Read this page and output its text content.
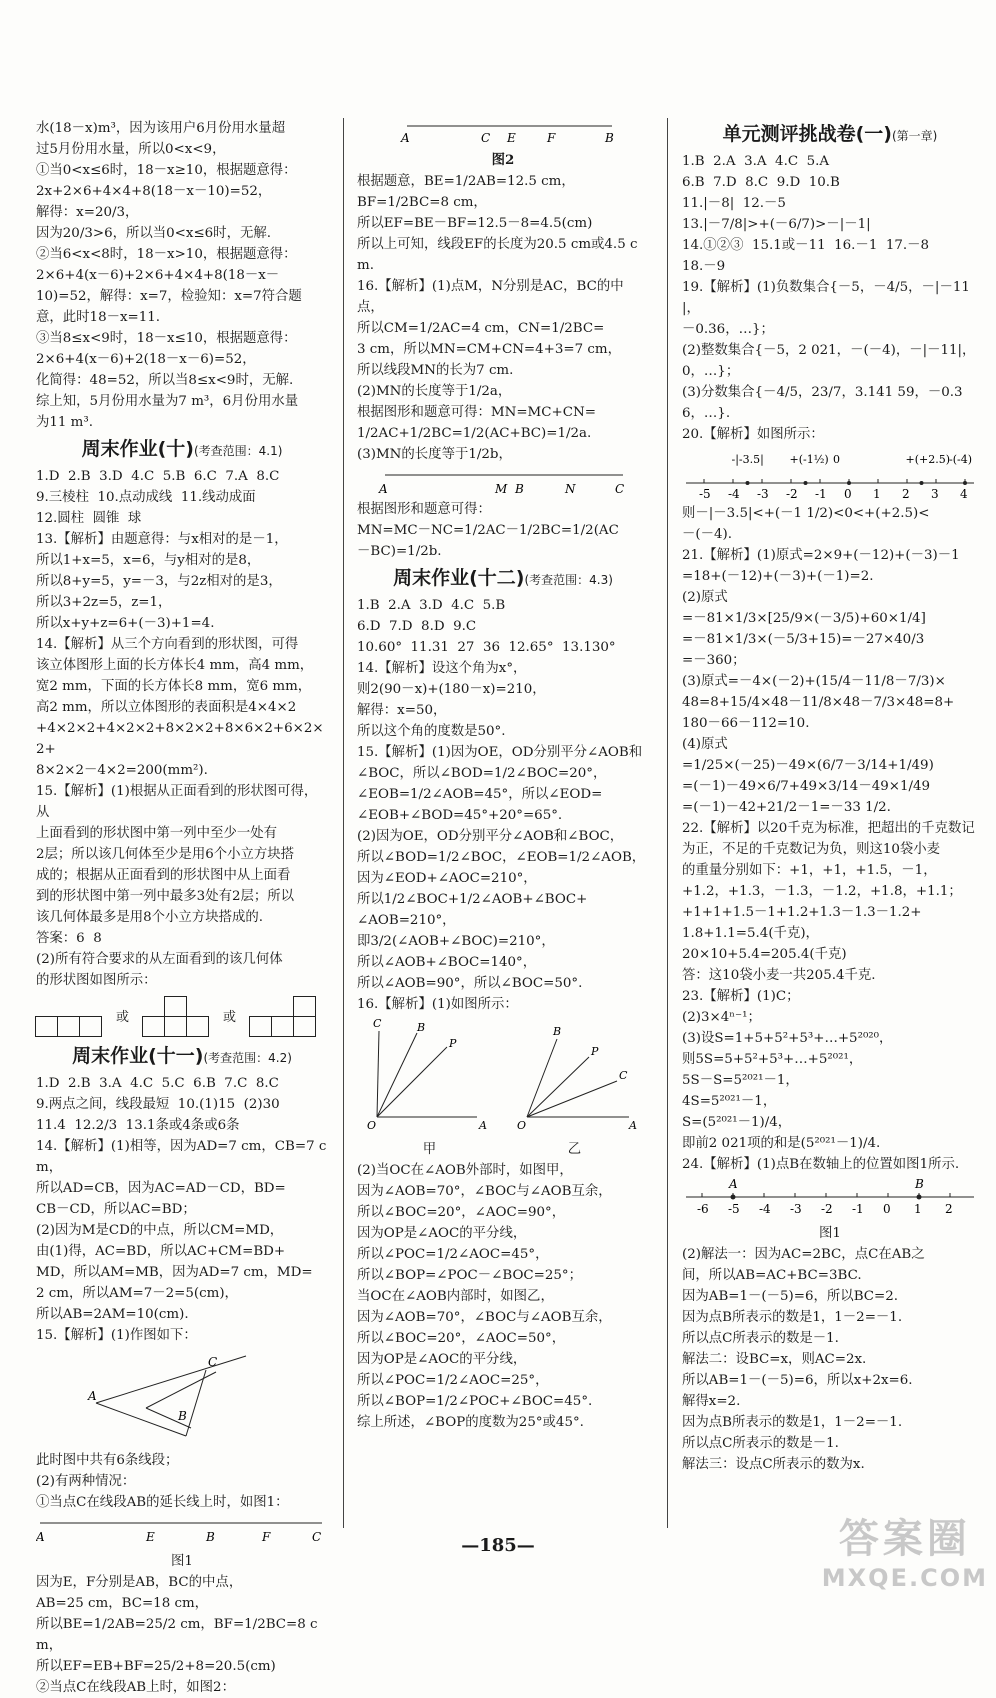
水(18－x)m³，因为该用户6月份用水量超
过5月份用水量，所以0<x<9，
①当0<x≤6时，18－x≥10，根据题意得：
2x+2×6+4×4+8(18－x－10)=52，
解得：x=20/3，
因为20/3>6，所以当0<x≤6时，无解.
②当6<x<8时，18－x>10，根据题意得：
2×6+4(x－6)+2×6+4×4+8(18－x－
10)=52，解得：x=7，检验知：x=7符合题
意，此时18－x=11.
③当8≤x<9时，18－x≤10，根据题意得：
2×6+4(x－6)+2(18－x－6)=52，
化简得：48=52，所以当8≤x<9时，无解.
综上知，5月份用水量为7 m³，6月份用水量
为11 m³.
周末作业(十)(考查范围：4.1)
1.D  2.B  3.D  4.C  5.B  6.C  7.A  8.C
9.三棱柱  10.点动成线  11.线动成面
12.圆柱  圆锥  球
13.【解析】由题意得：与x相对的是－1，
所以1+x=5，x=6，与y相对的是8，
所以8+y=5，y=－3，与2z相对的是3，
所以3+2z=5，z=1，
所以x+y+z=6+(－3)+1=4.
14.【解析】从三个方向看到的形状图，可得
该立体图形上面的长方体长4 mm，高4 mm，
宽2 mm，下面的长方体长8 mm，宽6 mm，
高2 mm，所以立体图形的表面积是4×4×2
+4×2×2+4×2×2+8×2×2+8×6×2+6×2×2+
8×2×2－4×2=200(mm²).
15.【解析】(1)根据从正面看到的形状图可得，从
上面看到的形状图中第一列中至少一处有
2层；所以该几何体至少是用6个小立方块搭
成的；根据从正面看到的形状图中从上面看
到的形状图中第一列中最多3处有2层；所以
该几何体最多是用8个小立方块搭成的.
答案：6  8
(2)所有符合要求的从左面看到的该几何体
的形状图如图所示：
或	或
周末作业(十一)(考查范围：4.2)
1.D  2.B  3.A  4.C  5.C  6.B  7.C  8.C
9.两点之间，线段最短  10.(1)15  (2)30
11.4  12.2/3  13.1条或4条或6条
14.【解析】(1)相等，因为AD=7 cm，CB=7 cm，
所以AD=CB，因为AC=AD－CD，BD=
CB－CD，所以AC=BD；
(2)因为M是CD的中点，所以CM=MD，
由(1)得，AC=BD，所以AC+CM=BD+
MD，所以AM=MB，因为AD=7 cm，MD=
2 cm，所以AM=7－2=5(cm)，
所以AB=2AM=10(cm).
15.【解析】(1)作图如下：
A
C
B
此时图中共有6条线段；
(2)有两种情况：
①当点C在线段AB的延长线上时，如图1：
A	E	B	F	C
图1
因为E，F分别是AB，BC的中点，
AB=25 cm，BC=18 cm，
所以BE=1/2AB=25/2 cm，BF=1/2BC=8 cm，
所以EF=EB+BF=25/2+8=20.5(cm)
②当点C在线段AB上时，如图2：
A	C E	F	B
图2
根据题意，BE=1/2AB=12.5 cm，
BF=1/2BC=8 cm，
所以EF=BE－BF=12.5－8=4.5(cm)
所以上可知，线段EF的长度为20.5 cm或4.5 cm.
16.【解析】(1)点M，N分别是AC，BC的中点，
所以CM=1/2AC=4 cm，CN=1/2BC=
3 cm，所以MN=CM+CN=4+3=7 cm，
所以线段MN的长为7 cm.
(2)MN的长度等于1/2a，
根据图形和题意可得：MN=MC+CN=
1/2AC+1/2BC=1/2(AC+BC)=1/2a.
(3)MN的长度等于1/2b，
A	M B	N	C
根据图形和题意可得：
MN=MC－NC=1/2AC－1/2BC=1/2(AC
－BC)=1/2b.
周末作业(十二)(考查范围：4.3)
1.B  2.A  3.D  4.C  5.B
6.D  7.D  8.D  9.C
10.60°  11.31  27  36  12.65°  13.130°
14.【解析】设这个角为x°，
则2(90－x)+(180－x)=210，
解得：x=50，
所以这个角的度数是50°.
15.【解析】(1)因为OE，OD分别平分∠AOB和
∠BOC，所以∠BOD=1/2∠BOC=20°，
∠EOB=1/2∠AOB=45°，所以∠EOD=
∠EOB+∠BOD=45°+20°=65°.
(2)因为OE，OD分别平分∠AOB和∠BOC，
所以∠BOD=1/2∠BOC，∠EOB=1/2∠AOB，
因为∠EOD+∠AOC=210°，
所以1/2∠BOC+1/2∠AOB+∠BOC+
∠AOB=210°，
即3/2(∠AOB+∠BOC)=210°，
所以∠AOB+∠BOC=140°，
所以∠AOB=90°，所以∠BOC=50°.
16.【解析】(1)如图所示：
O	A
C	B
P
O	A
B
P
C
甲	乙
(2)当OC在∠AOB外部时，如图甲，
因为∠AOB=70°，∠BOC与∠AOB互余，
所以∠BOC=20°，∠AOC=90°，
因为OP是∠AOC的平分线，
所以∠POC=1/2∠AOC=45°，
所以∠BOP=∠POC－∠BOC=25°；
当OC在∠AOB内部时，如图乙，
因为∠AOB=70°，∠BOC与∠AOB互余，
所以∠BOC=20°，∠AOC=50°，
因为OP是∠AOC的平分线，
所以∠POC=1/2∠AOC=25°，
所以∠BOP=1/2∠POC+∠BOC=45°.
综上所述，∠BOP的度数为25°或45°.
单元测评挑战卷(一)(第一章)
1.B  2.A  3.A  4.C  5.A
6.B  7.D  8.C  9.D  10.B
11.|－8|  12.－5
13.|－7/8|>+(－6/7)>－|－1|
14.①②③  15.1或－11  16.－1  17.－8
18.－9
19.【解析】(1)负数集合{－5，－4/5，－|－11|，
－0.36，…}；
(2)整数集合{－5，2 021，－(－4)，－|－11|，0，…}；
(3)分数集合{－4/5，23/7，3.141 59，－0.36，…}.
20.【解析】如图所示：
-5 -4 -3 -2 -1 0 1 2 3 4
-|-3.5| +(-1½) 0	+(+2.5)
-(-4)
则－|－3.5|<+(－1 1/2)<0<+(+2.5)<
－(－4).
21.【解析】(1)原式=2×9+(－12)+(－3)－1
=18+(－12)+(－3)+(－1)=2.
(2)原式
=－81×1/3×[25/9×(－3/5)+60×1/4]
=－81×1/3×(－5/3+15)=－27×40/3
=－360；
(3)原式=－4×(－2)+(15/4－11/8－7/3)×
48=8+15/4×48－11/8×48－7/3×48=8+
180－66－112=10.
(4)原式
=1/25×(－25)－49×(6/7－3/14+1/49)
=(－1)－49×6/7+49×3/14－49×1/49
=(－1)－42+21/2－1=－33 1/2.
22.【解析】以20千克为标准，把超出的千克数记
为正，不足的千克数记为负，则这10袋小麦
的重量分别如下：+1，+1，+1.5，－1，
+1.2，+1.3，－1.3，－1.2，+1.8，+1.1；
+1+1+1.5－1+1.2+1.3－1.3－1.2+
1.8+1.1=5.4(千克)，
20×10+5.4=205.4(千克)
答：这10袋小麦一共205.4千克.
23.【解析】(1)C；
(2)3×4ⁿ⁻¹；
(3)设S=1+5+5²+5³+…+5²⁰²⁰，
则5S=5+5²+5³+…+5²⁰²¹，
5S－S=5²⁰²¹－1，
4S=5²⁰²¹－1，
S=(5²⁰²¹－1)/4，
即前2 021项的和是(5²⁰²¹－1)/4.
24.【解析】(1)点B在数轴上的位置如图1所示.
-6 -5 -4 -3 -2 -1 0 1 2
A	B
图1
(2)解法一：因为AC=2BC，点C在AB之
间，所以AB=AC+BC=3BC.
因为AB=1－(－5)=6，所以BC=2.
因为点B所表示的数是1，1－2=－1.
所以点C所表示的数是－1.
解法二：设BC=x，则AC=2x.
所以AB=1－(－5)=6，所以x+2x=6.
解得x=2.
因为点B所表示的数是1，1－2=－1.
所以点C所表示的数是－1.
解法三：设点C所表示的数为x.
—185—	答案圈
MXQE.COM
